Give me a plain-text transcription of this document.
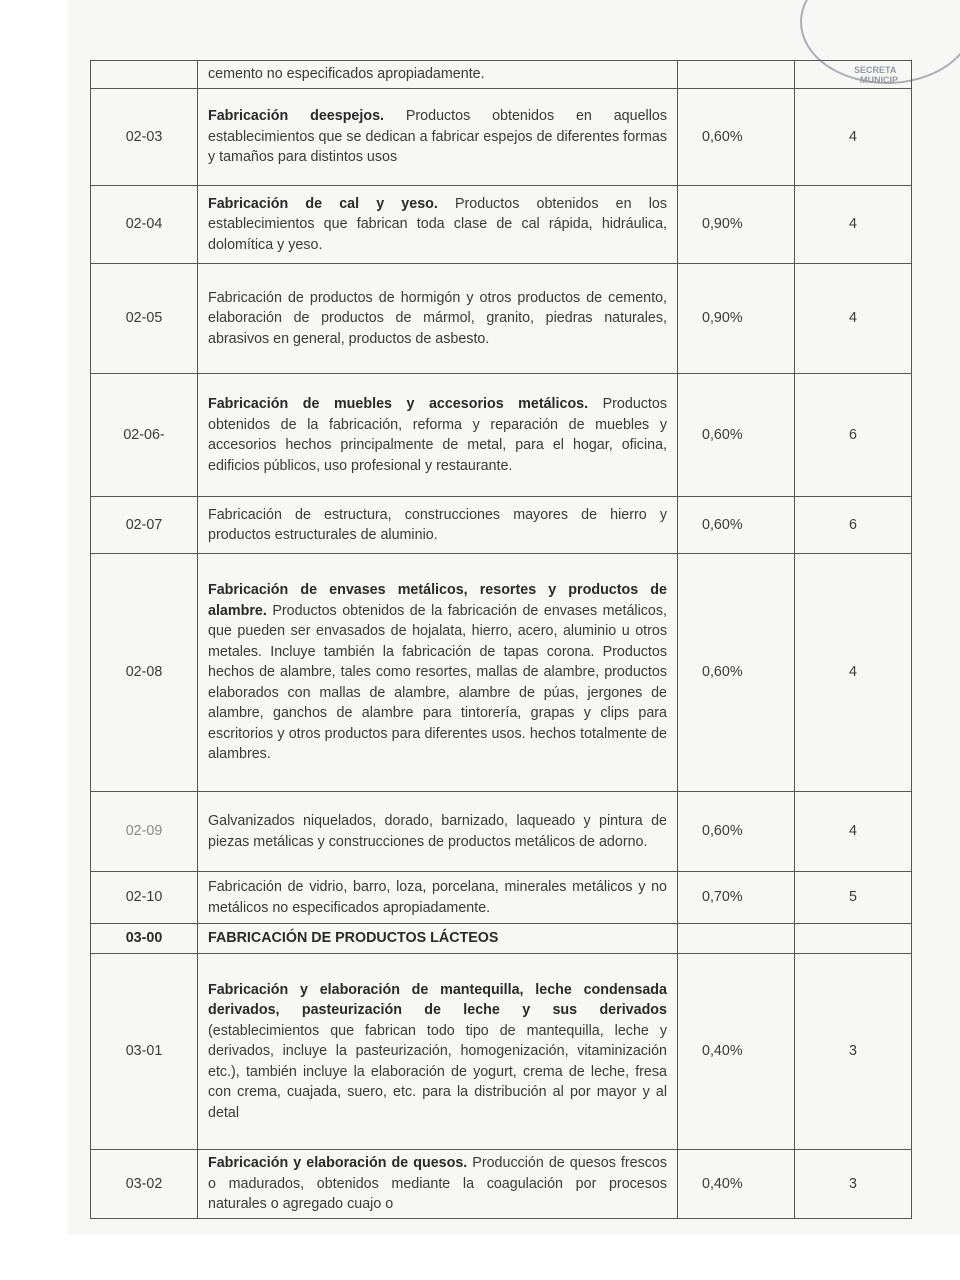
SECRETA
MUNICIP
	cemento no especificados apropiadamente.		
02-03	Fabricación deespejos. Productos obtenidos en aquellos establecimientos que se dedican a fabricar espejos de diferentes formas y tamaños para distintos usos	0,60%	4
02-04	Fabricación de cal y yeso. Productos obtenidos en los establecimientos que fabrican toda clase de cal rápida, hidráulica, dolomítica y yeso.	0,90%	4
02-05	Fabricación de productos de hormigón y otros productos de cemento, elaboración de productos de mármol, granito, piedras naturales, abrasivos en general, productos de asbesto.	0,90%	4
02-06-	Fabricación de muebles y accesorios metálicos. Productos obtenidos de la fabricación, reforma y reparación de muebles y accesorios hechos principalmente de metal, para el hogar, oficina, edificios públicos, uso profesional y restaurante.	0,60%	6
02-07	Fabricación de estructura, construcciones mayores de hierro y productos estructurales de aluminio.	0,60%	6
02-08	Fabricación de envases metálicos, resortes y productos de alambre. Productos obtenidos de la fabricación de envases metálicos, que pueden ser envasados de hojalata, hierro, acero, aluminio u otros metales. Incluye también la fabricación de tapas corona. Productos hechos de alambre, tales como resortes, mallas de alambre, productos elaborados con mallas de alambre, alambre de púas, jergones de alambre, ganchos de alambre para tintorería, grapas y clips para escritorios y otros productos para diferentes usos. hechos totalmente de alambres.	0,60%	4
02-09	Galvanizados niquelados, dorado, barnizado, laqueado y pintura de piezas metálicas y construcciones de productos metálicos de adorno.	0,60%	4
02-10	Fabricación de vidrio, barro, loza, porcelana, minerales metálicos y no metálicos no especificados apropiadamente.	0,70%	5
03-00	FABRICACIÓN DE PRODUCTOS LÁCTEOS		
03-01	Fabricación y elaboración de mantequilla, leche condensada derivados, pasteurización de leche y sus derivados (establecimientos que fabrican todo tipo de mantequilla, leche y derivados, incluye la pasteurización, homogenización, vitaminización etc.), también incluye la elaboración de yogurt, crema de leche, fresa con crema, cuajada, suero, etc. para la distribución al por mayor y al detal	0,40%	3
03-02	Fabricación y elaboración de quesos. Producción de quesos frescos o madurados, obtenidos mediante la coagulación por procesos naturales o agregado cuajo o	0,40%	3
